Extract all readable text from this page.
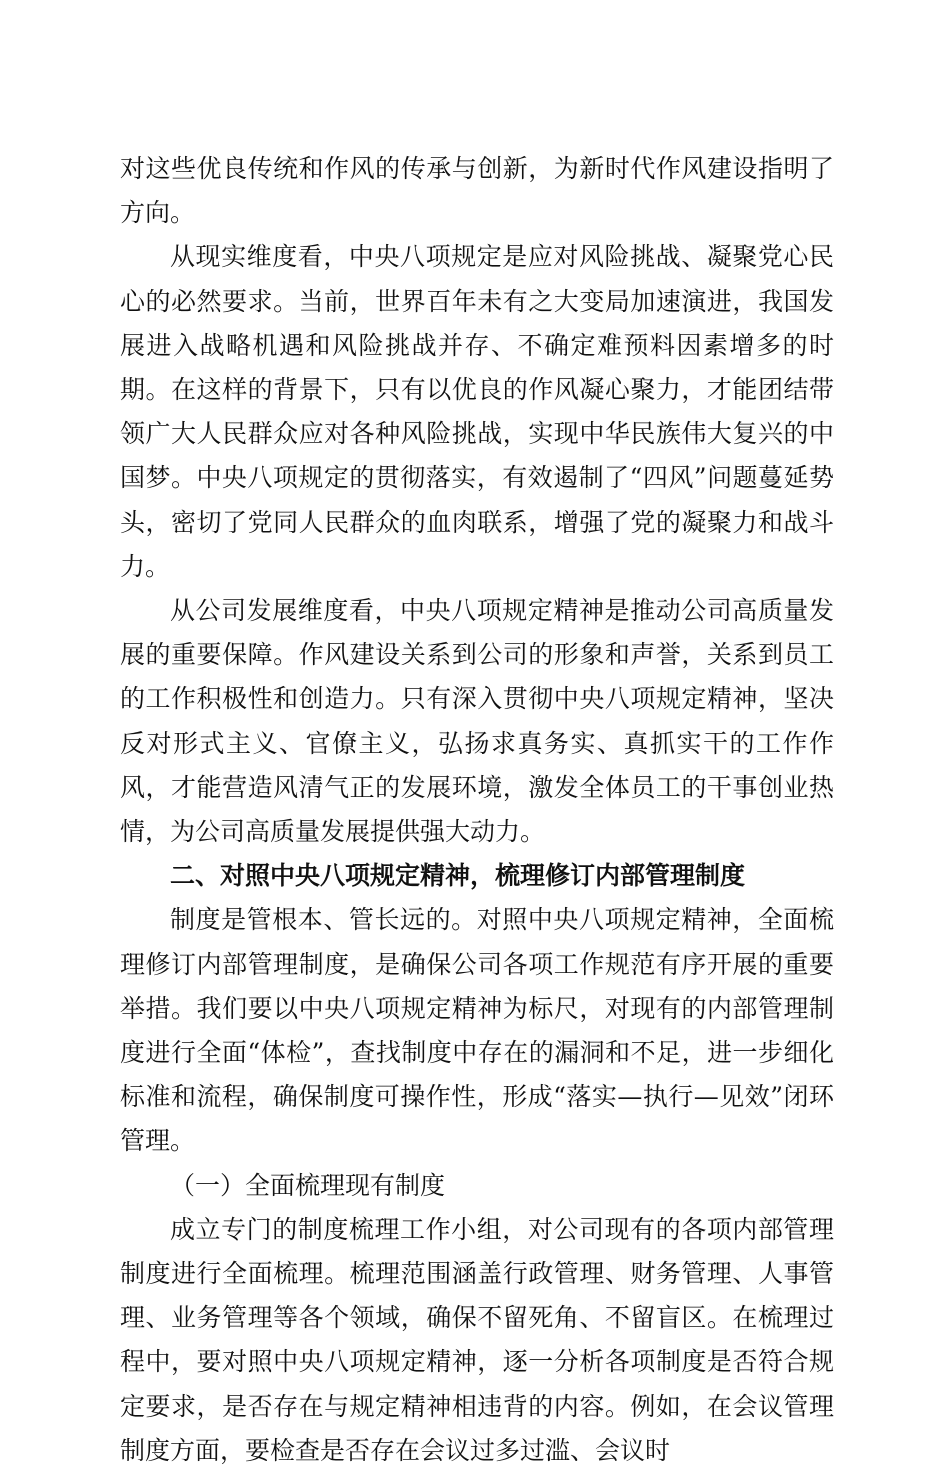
对这些优良传统和作风的传承与创新，为新时代作风建设指明了方向。

从现实维度看，中央八项规定是应对风险挑战、凝聚党心民心的必然要求。当前，世界百年未有之大变局加速演进，我国发展进入战略机遇和风险挑战并存、不确定难预料因素增多的时期。在这样的背景下，只有以优良的作风凝心聚力，才能团结带领广大人民群众应对各种风险挑战，实现中华民族伟大复兴的中国梦。中央八项规定的贯彻落实，有效遏制了“四风”问题蔓延势头，密切了党同人民群众的血肉联系，增强了党的凝聚力和战斗力。

从公司发展维度看，中央八项规定精神是推动公司高质量发展的重要保障。作风建设关系到公司的形象和声誉，关系到员工的工作积极性和创造力。只有深入贯彻中央八项规定精神，坚决反对形式主义、官僚主义，弘扬求真务实、真抓实干的工作作风，才能营造风清气正的发展环境，激发全体员工的干事创业热情，为公司高质量发展提供强大动力。

二、对照中央八项规定精神，梳理修订内部管理制度

制度是管根本、管长远的。对照中央八项规定精神，全面梳理修订内部管理制度，是确保公司各项工作规范有序开展的重要举措。我们要以中央八项规定精神为标尺，对现有的内部管理制度进行全面“体检”，查找制度中存在的漏洞和不足，进一步细化标准和流程，确保制度可操作性，形成“落实—执行—见效”闭环管理。

（一）全面梳理现有制度

成立专门的制度梳理工作小组，对公司现有的各项内部管理制度进行全面梳理。梳理范围涵盖行政管理、财务管理、人事管理、业务管理等各个领域，确保不留死角、不留盲区。在梳理过程中，要对照中央八项规定精神，逐一分析各项制度是否符合规定要求，是否存在与规定精神相违背的内容。例如，在会议管理制度方面，要检查是否存在会议过多过滥、会议时
